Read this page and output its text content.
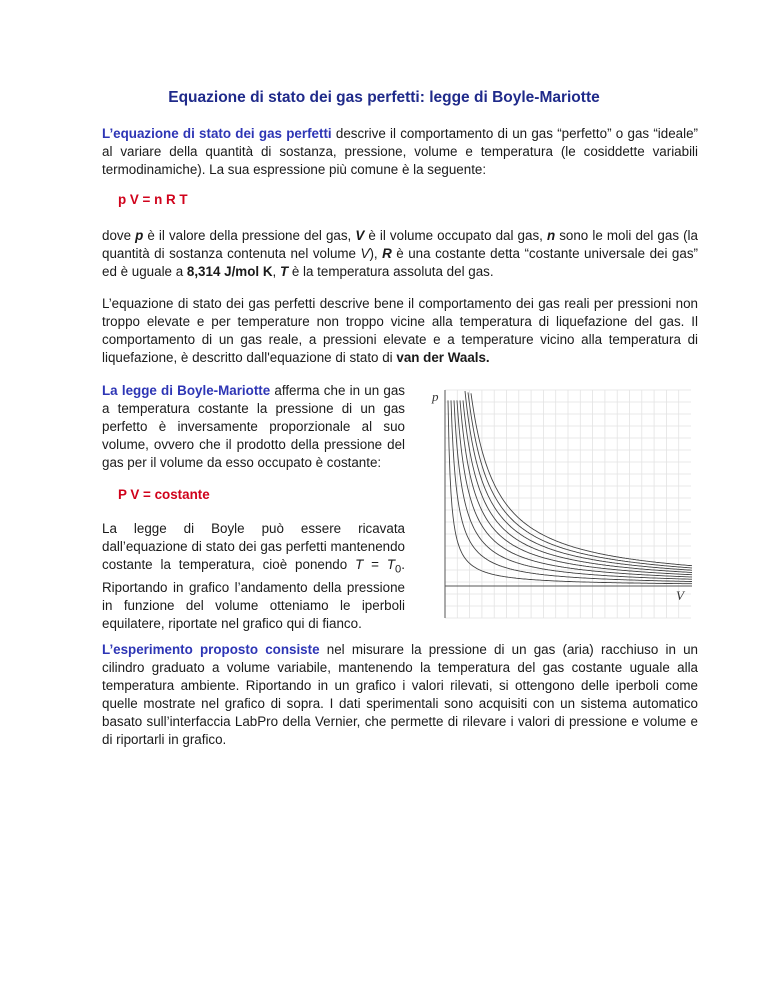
Equazione di stato dei gas perfetti: legge di Boyle-Mariotte

L’equazione di stato dei gas perfetti descrive il comportamento di un gas “perfetto” o gas “ideale” al variare della quantità di sostanza, pressione, volume e temperatura (le cosiddette variabili termodinamiche). La sua espressione più comune è la seguente:

p V = n R T

dove p è il valore della pressione del gas, V è il volume occupato dal gas, n sono le moli del gas (la quantità di sostanza contenuta nel volume V), R è una costante detta “costante universale dei gas” ed è uguale a 8,314 J/mol K, T è la temperatura assoluta del gas.

L’equazione di stato dei gas perfetti descrive bene il comportamento dei gas reali per pressioni non troppo elevate e per temperature non troppo vicine alla temperatura di liquefazione del gas. Il comportamento di un gas reale, a pressioni elevate e a temperature vicino alla temperatura di liquefazione, è descritto dall'equazione di stato di van der Waals.

La legge di Boyle-Mariotte afferma che in un gas a temperatura costante la pressione di un gas perfetto è inversamente proporzionale al suo volume, ovvero che il prodotto della pressione del gas per il volume da esso occupato è costante:

P V = costante

La legge di Boyle può essere ricavata dall’equazione di stato dei gas perfetti mantenendo costante la temperatura, cioè ponendo $T = T_0$. Riportando in grafico l’andamento della pressione in funzione del volume otteniamo le iperboli equilatere, riportate nel grafico qui di fianco.

L’esperimento proposto consiste nel misurare la pressione di un gas (aria) racchiuso in un cilindro graduato a volume variabile, mantenendo la temperatura del gas costante uguale alla temperatura ambiente. Riportando in un grafico i valori rilevati, si ottengono delle iperboli come quelle mostrate nel grafico di sopra. I dati sperimentali sono acquisiti con un sistema automatico basato sull’interfaccia LabPro della Vernier, che permette di rilevare i valori di pressione e volume e di riportarli in grafico.

p
V
